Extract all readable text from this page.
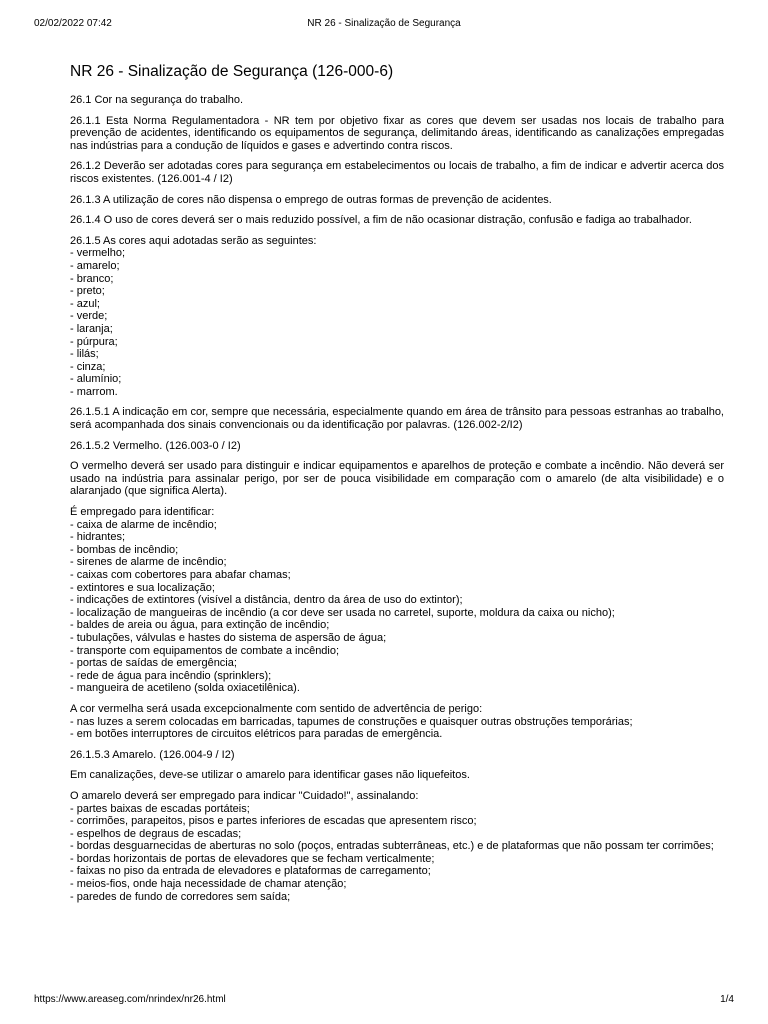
02/02/2022 07:42	NR 26 - Sinalização de Segurança
NR 26 - Sinalização de Segurança (126-000-6)

26.1 Cor na segurança do trabalho.

26.1.1 Esta Norma Regulamentadora - NR tem por objetivo fixar as cores que devem ser usadas nos locais de trabalho para prevenção de acidentes, identificando os equipamentos de segurança, delimitando áreas, identificando as canalizações empregadas nas indústrias para a condução de líquidos e gases e advertindo contra riscos.

26.1.2 Deverão ser adotadas cores para segurança em estabelecimentos ou locais de trabalho, a fim de indicar e advertir acerca dos riscos existentes. (126.001-4 / I2)

26.1.3 A utilização de cores não dispensa o emprego de outras formas de prevenção de acidentes.

26.1.4 O uso de cores deverá ser o mais reduzido possível, a fim de não ocasionar distração, confusão e fadiga ao trabalhador.

26.1.5 As cores aqui adotadas serão as seguintes:
- vermelho;
- amarelo;
- branco;
- preto;
- azul;
- verde;
- laranja;
- púrpura;
- lilás;
- cinza;
- alumínio;
- marrom.

26.1.5.1 A indicação em cor, sempre que necessária, especialmente quando em área de trânsito para pessoas estranhas ao trabalho, será acompanhada dos sinais convencionais ou da identificação por palavras. (126.002-2/I2)

26.1.5.2 Vermelho. (126.003-0 / I2)

O vermelho deverá ser usado para distinguir e indicar equipamentos e aparelhos de proteção e combate a incêndio. Não deverá ser usado na indústria para assinalar perigo, por ser de pouca visibilidade em comparação com o amarelo (de alta visibilidade) e o alaranjado (que significa Alerta).

É empregado para identificar:
- caixa de alarme de incêndio;
- hidrantes;
- bombas de incêndio;
- sirenes de alarme de incêndio;
- caixas com cobertores para abafar chamas;
- extintores e sua localização;
- indicações de extintores (visível a distância, dentro da área de uso do extintor);
- localização de mangueiras de incêndio (a cor deve ser usada no carretel, suporte, moldura da caixa ou nicho);
- baldes de areia ou água, para extinção de incêndio;
- tubulações, válvulas e hastes do sistema de aspersão de água;
- transporte com equipamentos de combate a incêndio;
- portas de saídas de emergência;
- rede de água para incêndio (sprinklers);
- mangueira de acetileno (solda oxiacetilênica).
A cor vermelha será usada excepcionalmente com sentido de advertência de perigo:
- nas luzes a serem colocadas em barricadas, tapumes de construções e quaisquer outras obstruções temporárias;
- em botões interruptores de circuitos elétricos para paradas de emergência.

26.1.5.3 Amarelo. (126.004-9 / I2)

Em canalizações, deve-se utilizar o amarelo para identificar gases não liquefeitos.

O amarelo deverá ser empregado para indicar "Cuidado!", assinalando:
- partes baixas de escadas portáteis;
- corrimões, parapeitos, pisos e partes inferiores de escadas que apresentem risco;
- espelhos de degraus de escadas;
- bordas desguarnecidas de aberturas no solo (poços, entradas subterrâneas, etc.) e de plataformas que não possam ter corrimões;
- bordas horizontais de portas de elevadores que se fecham verticalmente;
- faixas no piso da entrada de elevadores e plataformas de carregamento;
- meios-fios, onde haja necessidade de chamar atenção;
- paredes de fundo de corredores sem saída;
https://www.areaseg.com/nrindex/nr26.html	1/4
